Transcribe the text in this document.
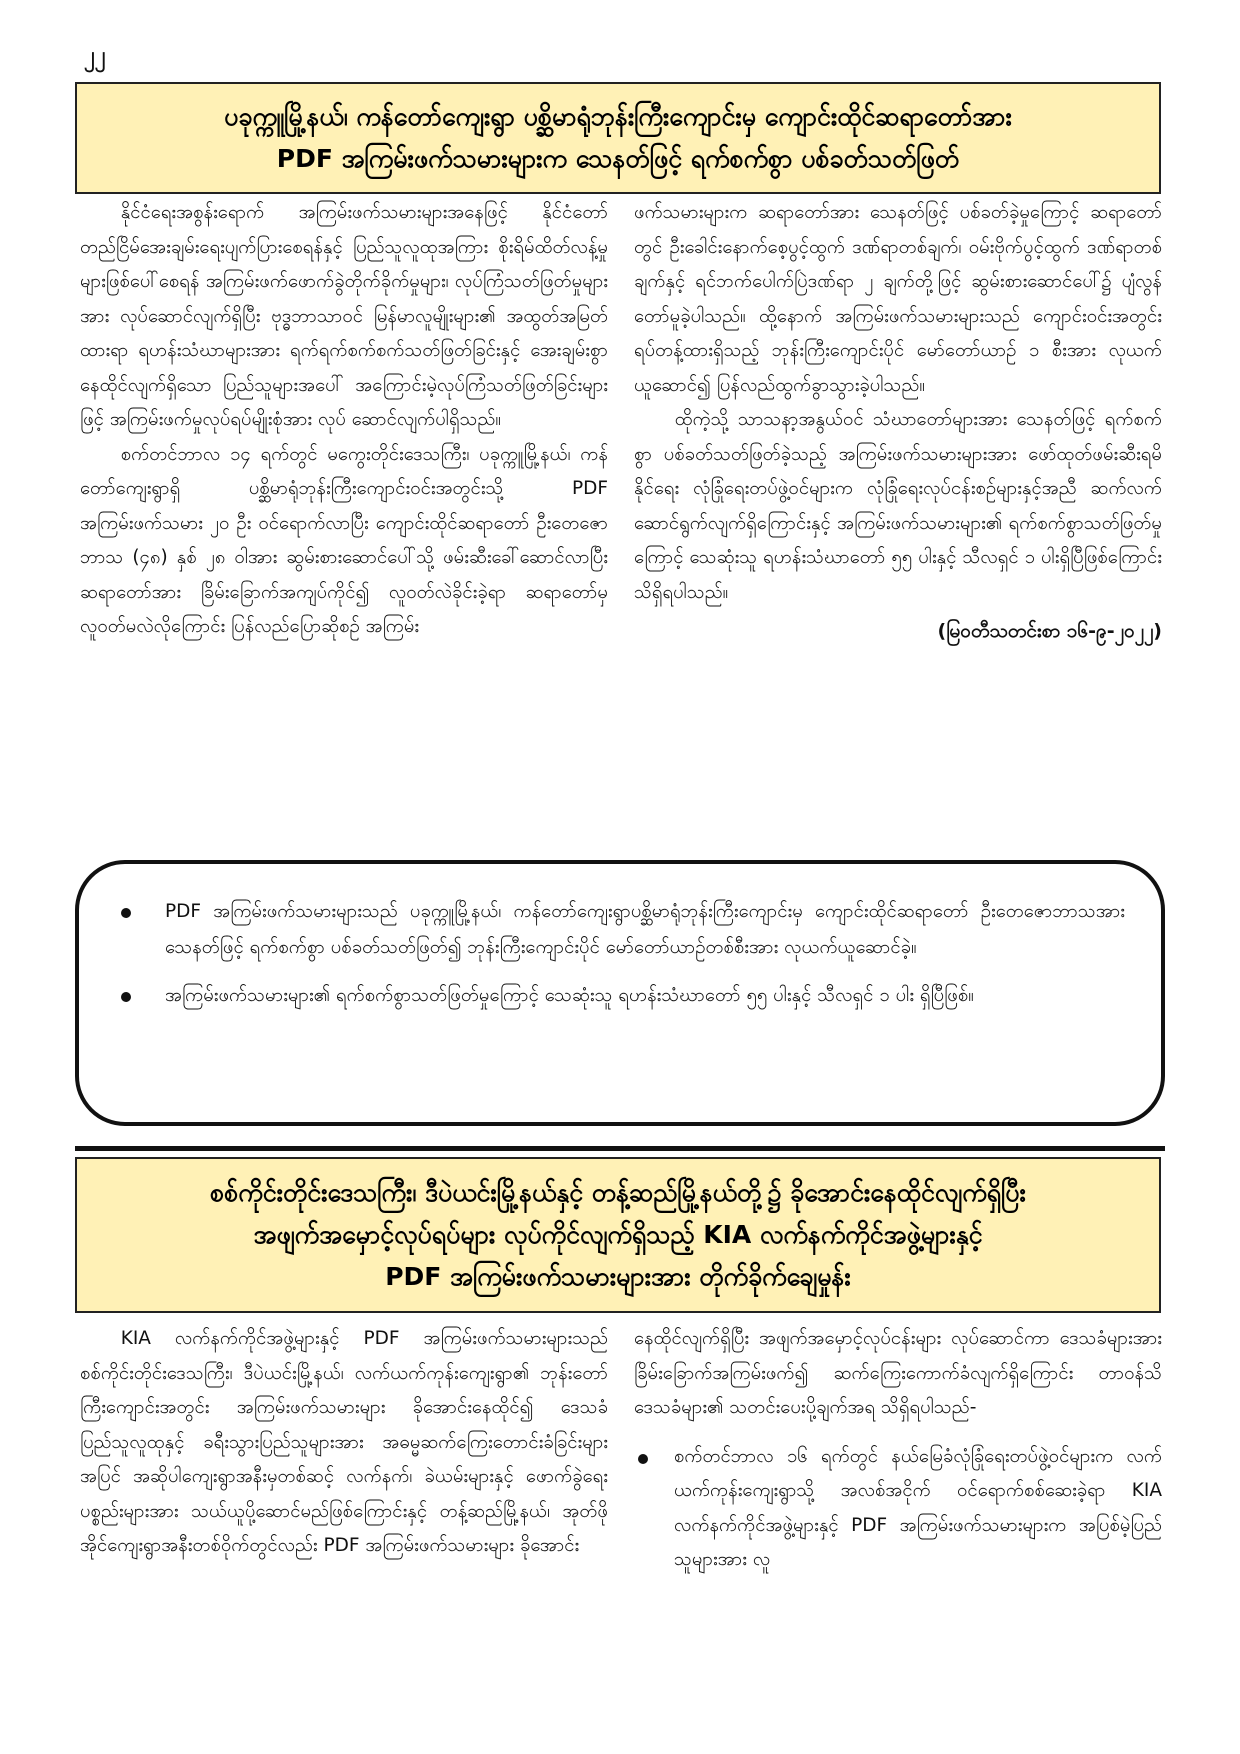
၂၂
ပခုက္ကူမြို့နယ်၊ ကန်တော်ကျေးရွာ ပစ္ဆိမာရုံဘုန်းကြီးကျောင်းမှ ကျောင်းထိုင်ဆရာတော်အား
PDF အကြမ်းဖက်သမားများက သေနတ်ဖြင့် ရက်စက်စွာ ပစ်ခတ်သတ်ဖြတ်

နိုင်ငံရေးအစွန်းရောက် အကြမ်းဖက်သမားများအနေဖြင့် နိုင်ငံတော်တည်ငြိမ်အေးချမ်းရေးပျက်ပြားစေရန်နှင့် ပြည်သူလူထုအကြား စိုးရိမ်ထိတ်လန့်မှုများဖြစ်ပေါ်စေရန် အကြမ်းဖက်ဖောက်ခွဲတိုက်ခိုက်မှုများ၊ လုပ်ကြံသတ်ဖြတ်မှုများအား လုပ်ဆောင်လျက်ရှိပြီး ဗုဒ္ဓဘာသာဝင် မြန်မာလူမျိုးများ၏ အထွတ်အမြတ်ထားရာ ရဟန်းသံဃာများအား ရက်ရက်စက်စက်သတ်ဖြတ်ခြင်းနှင့် အေးချမ်းစွာနေထိုင်လျက်ရှိသော ပြည်သူများအပေါ် အကြောင်းမဲ့လုပ်ကြံသတ်ဖြတ်ခြင်းများဖြင့် အကြမ်းဖက်မှုလုပ်ရပ်မျိုးစုံအား လုပ် ဆောင်လျက်ပါရှိသည်။

စက်တင်ဘာလ ၁၄ ရက်တွင် မကွေးတိုင်းဒေသကြီး၊ ပခုက္ကူမြို့နယ်၊ ကန်တော်ကျေးရွာရှိ ပစ္ဆိမာရုံဘုန်းကြီးကျောင်းဝင်းအတွင်းသို့ PDF အကြမ်းဖက်သမား ၂၀ ဦး ဝင်ရောက်လာပြီး ကျောင်းထိုင်ဆရာတော် ဦးတေဇောဘာသ (၄၈) နှစ် ၂၈ ဝါအား ဆွမ်းစားဆောင်ပေါ်သို့ ဖမ်းဆီးခေါ်ဆောင်လာပြီး ဆရာတော်အား ခြိမ်းခြောက်အကျပ်ကိုင်၍ လူဝတ်လဲခိုင်းခဲ့ရာ ဆရာတော်မှ လူဝတ်မလဲလိုကြောင်း ပြန်လည်ပြောဆိုစဉ် အကြမ်း

ဖက်သမားများက ဆရာတော်အား သေနတ်ဖြင့် ပစ်ခတ်ခဲ့မှုကြောင့် ဆရာတော်တွင် ဦးခေါင်းနောက်စေ့ပွင့်ထွက် ဒဏ်ရာတစ်ချက်၊ ဝမ်းဗိုက်ပွင့်ထွက် ဒဏ်ရာတစ်ချက်နှင့် ရင်ဘက်ပေါက်ပြဲဒဏ်ရာ ၂ ချက်တို့ဖြင့် ဆွမ်းစားဆောင်ပေါ်၌ ပျံလွန်တော်မူခဲ့ပါသည်။ ထို့နောက် အကြမ်းဖက်သမားများသည် ကျောင်းဝင်းအတွင်း ရပ်တန့်ထားရှိသည့် ဘုန်းကြီးကျောင်းပိုင် မော်တော်ယာဉ် ၁ စီးအား လုယက်ယူဆောင်၍ ပြန်လည်ထွက်ခွာသွားခဲ့ပါသည်။

ထိုကဲ့သို့ သာသနာ့အနွယ်ဝင် သံဃာတော်များအား သေနတ်ဖြင့် ရက်စက်စွာ ပစ်ခတ်သတ်ဖြတ်ခဲ့သည့် အကြမ်းဖက်သမားများအား ဖော်ထုတ်ဖမ်းဆီးရမိနိုင်ရေး လုံခြုံရေးတပ်ဖွဲ့ဝင်များက လုံခြုံရေးလုပ်ငန်းစဉ်များနှင့်အညီ ဆက်လက်ဆောင်ရွက်လျက်ရှိကြောင်းနှင့် အကြမ်းဖက်သမားများ၏ ရက်စက်စွာသတ်ဖြတ်မှုကြောင့် သေဆုံးသူ ရဟန်းသံဃာတော် ၅၅ ပါးနှင့် သီလရှင် ၁ ပါးရှိပြီဖြစ်ကြောင်း သိရှိရပါသည်။

(မြဝတီသတင်းစာ ၁၆-၉-၂၀၂၂)
PDF အကြမ်းဖက်သမားများသည် ပခုက္ကူမြို့နယ်၊ ကန်တော်ကျေးရွာပစ္ဆိမာရုံဘုန်းကြီးကျောင်းမှ ကျောင်းထိုင်ဆရာတော် ဦးတေဇောဘာသအား သေနတ်ဖြင့် ရက်စက်စွာ ပစ်ခတ်သတ်ဖြတ်၍ ဘုန်းကြီးကျောင်းပိုင် မော်တော်ယာဉ်တစ်စီးအား လုယက်ယူဆောင်ခဲ့။
အကြမ်းဖက်သမားများ၏ ရက်စက်စွာသတ်ဖြတ်မှုကြောင့် သေဆုံးသူ ရဟန်းသံဃာတော် ၅၅ ပါးနှင့် သီလရှင် ၁ ပါး ရှိပြီဖြစ်။
စစ်ကိုင်းတိုင်းဒေသကြီး၊ ဒီပဲယင်းမြို့နယ်နှင့် တန့်ဆည်မြို့နယ်တို့၌ ခိုအောင်းနေထိုင်လျက်ရှိပြီး
အဖျက်အမှောင့်လုပ်ရပ်များ လုပ်ကိုင်လျက်ရှိသည့် KIA လက်နက်ကိုင်အဖွဲ့များနှင့်
PDF အကြမ်းဖက်သမားများအား တိုက်ခိုက်ချေမှုန်း

KIA လက်နက်ကိုင်အဖွဲ့များနှင့် PDF အကြမ်းဖက်သမားများသည် စစ်ကိုင်းတိုင်းဒေသကြီး၊ ဒီပဲယင်းမြို့နယ်၊ လက်ယက်ကုန်းကျေးရွာ၏ ဘုန်းတော်ကြီးကျောင်းအတွင်း အကြမ်းဖက်သမားများ ခိုအောင်းနေထိုင်၍ ဒေသခံပြည်သူလူထုနှင့် ခရီးသွားပြည်သူများအား အဓမ္မဆက်ကြေးတောင်းခံခြင်းများအပြင် အဆိုပါကျေးရွာအနီးမှတစ်ဆင့် လက်နက်၊ ခဲယမ်းများနှင့် ဖောက်ခွဲရေးပစ္စည်းများအား သယ်ယူပို့ဆောင်မည်ဖြစ်ကြောင်းနှင့် တန့်ဆည်မြို့နယ်၊ အုတ်ဖိုအိုင်ကျေးရွာအနီးတစ်ဝိုက်တွင်လည်း PDF အကြမ်းဖက်သမားများ ခိုအောင်း

နေထိုင်လျက်ရှိပြီး အဖျက်အမှောင့်လုပ်ငန်းများ လုပ်ဆောင်ကာ ဒေသခံများအား ခြိမ်းခြောက်အကြမ်းဖက်၍ ဆက်ကြေးကောက်ခံလျက်ရှိကြောင်း တာဝန်သိဒေသခံများ၏ သတင်းပေးပို့ချက်အရ သိရှိရပါသည်-

စက်တင်ဘာလ ၁၆ ရက်တွင် နယ်မြေခံလုံခြုံရေးတပ်ဖွဲ့ဝင်များက လက်ယက်ကုန်းကျေးရွာသို့ အလစ်အငိုက် ဝင်ရောက်စစ်ဆေးခဲ့ရာ KIA လက်နက်ကိုင်အဖွဲ့များနှင့် PDF အကြမ်းဖက်သမားများက အပြစ်မဲ့ပြည်သူများအား လူ
